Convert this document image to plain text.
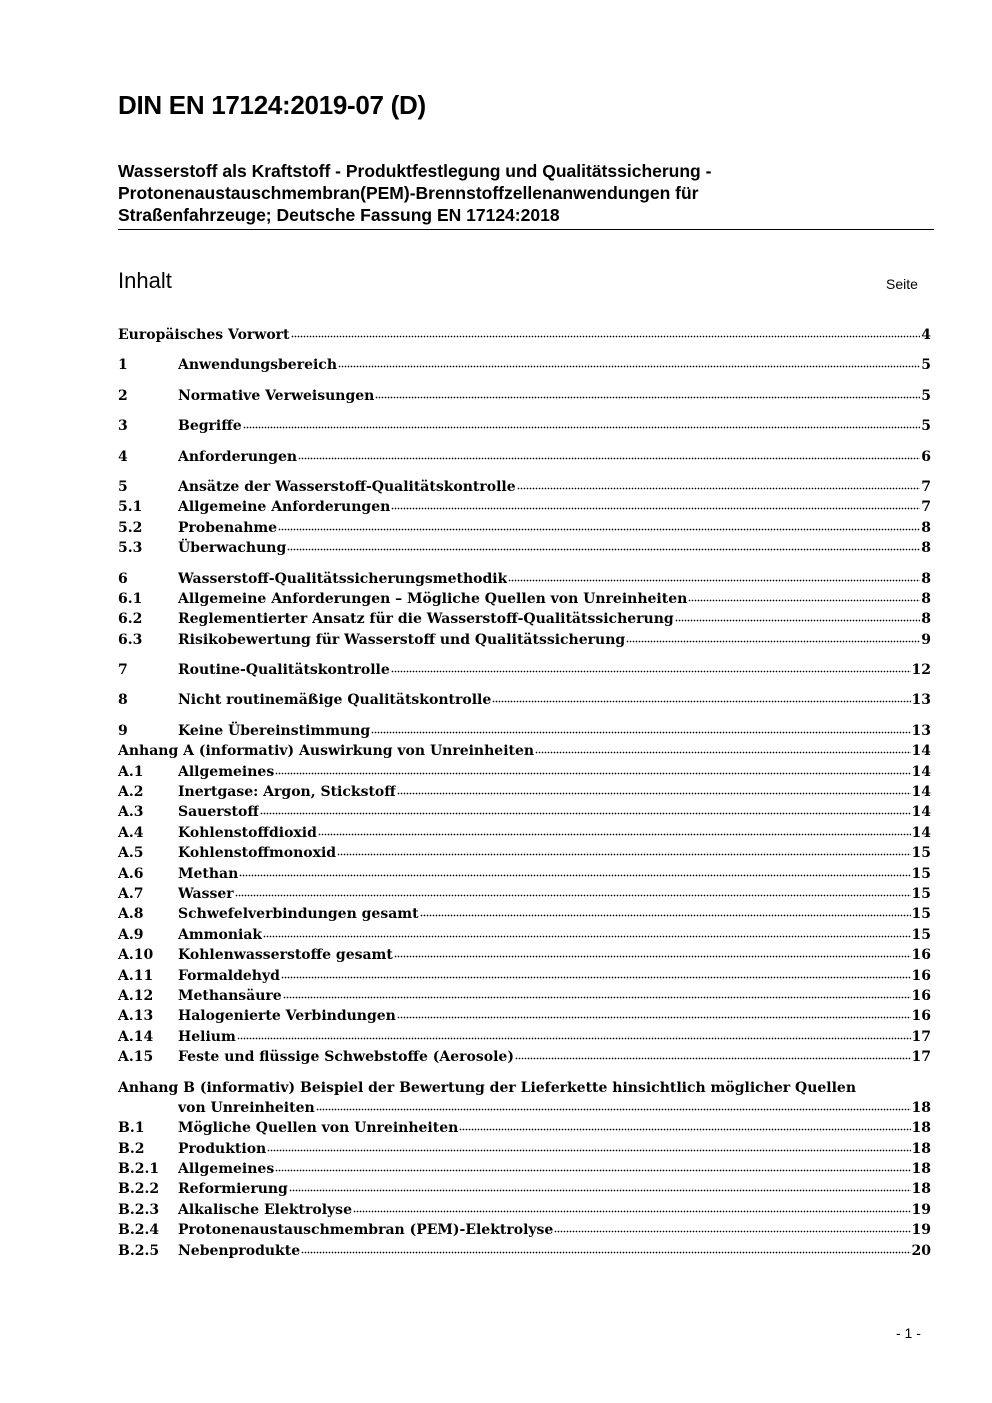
DIN EN 17124:2019-07 (D)
Wasserstoff als Kraftstoff - Produktfestlegung und Qualitätssicherung -
Protonenaustauschmembran(PEM)-Brennstoffzellenanwendungen für
Straßenfahrzeuge; Deutsche Fassung EN 17124:2018
Inhalt	Seite
Europäisches Vorwort	4
1	Anwendungsbereich	5
2	Normative Verweisungen	5
3	Begriffe	5
4	Anforderungen	6
5	Ansätze der Wasserstoff-Qualitätskontrolle	7
5.1	Allgemeine Anforderungen	7
5.2	Probenahme	8
5.3	Überwachung	8
6	Wasserstoff-Qualitätssicherungsmethodik	8
6.1	Allgemeine Anforderungen – Mögliche Quellen von Unreinheiten	8
6.2	Reglementierter Ansatz für die Wasserstoff-Qualitätssicherung	8
6.3	Risikobewertung für Wasserstoff und Qualitätssicherung	9
7	Routine-Qualitätskontrolle	12
8	Nicht routinemäßige Qualitätskontrolle	13
9	Keine Übereinstimmung	13
Anhang A (informativ) Auswirkung von Unreinheiten	14
A.1	Allgemeines	14
A.2	Inertgase: Argon, Stickstoff	14
A.3	Sauerstoff	14
A.4	Kohlenstoffdioxid	14
A.5	Kohlenstoffmonoxid	15
A.6	Methan	15
A.7	Wasser	15
A.8	Schwefelverbindungen gesamt	15
A.9	Ammoniak	15
A.10	Kohlenwasserstoffe gesamt	16
A.11	Formaldehyd	16
A.12	Methansäure	16
A.13	Halogenierte Verbindungen	16
A.14	Helium	17
A.15	Feste und flüssige Schwebstoffe (Aerosole)	17
Anhang B (informativ) Beispiel der Bewertung der Lieferkette hinsichtlich möglicher Quellen
von Unreinheiten	18
B.1	Mögliche Quellen von Unreinheiten	18
B.2	Produktion	18
B.2.1	Allgemeines	18
B.2.2	Reformierung	18
B.2.3	Alkalische Elektrolyse	19
B.2.4	Protonenaustauschmembran (PEM)-Elektrolyse	19
B.2.5	Nebenprodukte	20
- 1 -
